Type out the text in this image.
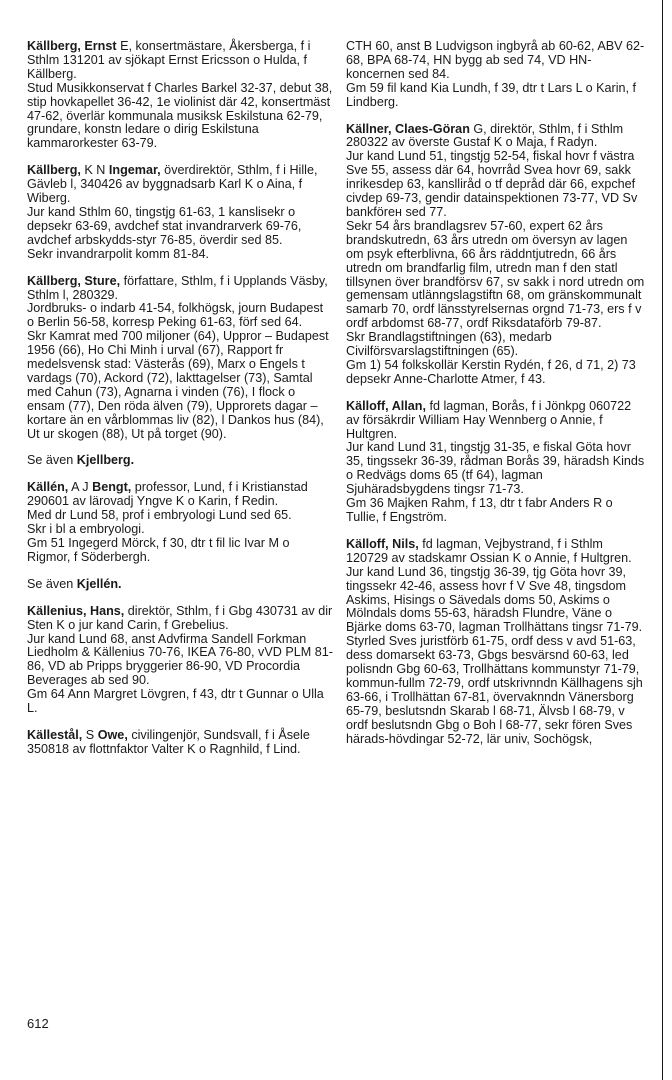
Källberg, Ernst E, konsertmästare, Åkersberga, f i Sthlm 131201 av sjökapt Ernst Ericsson o Hulda, f Källberg.

Stud Musikkonservat f Charles Barkel 32-37, debut 38, stip hovkapellet 36-42, 1e violinist där 42, konsertmäst 47-62, överlär kommunala musiksk Eskilstuna 62-79, grundare, konstn ledare o dirig Eskilstuna kammarorkester 63-79.

Källberg, K N Ingemar, överdirektör, Sthlm, f i Hille, Gävleb l, 340426 av byggnadsarb Karl K o Aina, f Wiberg.

Jur kand Sthlm 60, tingstjg 61-63, 1 kanslisekr o depsekr 63-69, avdchef stat invandrarverk 69-76, avdchef arbskydds-styr 76-85, överdir sed 85.

Sekr invandrarpolit komm 81-84.

Källberg, Sture, författare, Sthlm, f i Upplands Väsby, Sthlm l, 280329.

Jordbruks- o indarb 41-54, folkhögsk, journ Budapest o Berlin 56-58, korresp Peking 61-63, förf sed 64.

Skr Kamrat med 700 miljoner (64), Uppror – Budapest 1956 (66), Ho Chi Minh i urval (67), Rapport fr medelsvensk stad: Västerås (69), Marx o Engels t vardags (70), Ackord (72), lakttagelser (73), Samtal med Cahun (73), Agnarna i vinden (76), I flock o ensam (77), Den röda älven (79), Upprorets dagar – kortare än en vårblommas liv (82), l Dankos hus (84), Ut ur skogen (88), Ut på torget (90).

Se även Kjellberg.

Källén, A J Bengt, professor, Lund, f i Kristianstad 290601 av lärovadj Yngve K o Karin, f Redin.

Med dr Lund 58, prof i embryologi Lund sed 65.

Skr i bl a embryologi.

Gm 51 Ingegerd Mörck, f 30, dtr t fil lic Ivar M o Rigmor, f Söderbergh.

Se även Kjellén.

Källenius, Hans, direktör, Sthlm, f i Gbg 430731 av dir Sten K o jur kand Carin, f Grebelius.

Jur kand Lund 68, anst Advfirma Sandell Forkman Liedholm & Källenius 70-76, IKEA 76-80, vVD PLM 81-86, VD ab Pripps bryggerier 86-90, VD Procordia Beverages ab sed 90.

Gm 64 Ann Margret Lövgren, f 43, dtr t Gunnar o Ulla L.

Källestål, S Owe, civilingenjör, Sundsvall, f i Åsele 350818 av flottnfaktor Valter K o Ragnhild, f Lind.

CTH 60, anst B Ludvigson ingbyrå ab 60-62, ABV 62-68, BPA 68-74, HN bygg ab sed 74, VD HN-koncernen sed 84.

Gm 59 fil kand Kia Lundh, f 39, dtr t Lars L o Karin, f Lindberg.

Källner, Claes-Göran G, direktör, Sthlm, f i Sthlm 280322 av överste Gustaf K o Maja, f Radyn.

Jur kand Lund 51, tingstjg 52-54, fiskal hovr f västra Sve 55, assess där 64, hovrråd Svea hovr 69, sakk inrikesdep 63, kanslliråd o tf depråd där 66, expchef civdep 69-73, gendir datainspektionen 73-77, VD Sv bankförен sed 77.

Sekr 54 års brandlagsrev 57-60, expert 62 års brandskutredn, 63 års utredn om översyn av lagen om psyk efterblivna, 66 års räddntjutredn, 66 års utredn om brandfarlig film, utredn man f den statl tillsynen över brandförsv 67, sv sakk i nord utredn om gemensam utlänngslagstiftn 68, om gränskommunalt samarb 70, ordf länsstyrelsernas orgnd 71-73, ers f v ordf arbdomst 68-77, ordf Riksdataförb 79-87.

Skr Brandlagstiftningen (63), medarb Civilförsvarslagstiftningen (65).

Gm 1) 54 folkskollär Kerstin Rydén, f 26, d 71, 2) 73 depsekr Anne-Charlotte Atmer, f 43.

Källoff, Allan, fd lagman, Borås, f i Jönkpg 060722 av försäkrdir William Hay Wennberg o Annie, f Hultgren.

Jur kand Lund 31, tingstjg 31-35, e fiskal Göta hovr 35, tingssekr 36-39, rådman Borås 39, häradsh Kinds o Redvägs doms 65 (tf 64), lagman Sjuhäradsbygdens tingsr 71-73.

Gm 36 Majken Rahm, f 13, dtr t fabr Anders R o Tullie, f Engström.

Källoff, Nils, fd lagman, Vejbystrand, f i Sthlm 120729 av stadskamr Ossian K o Annie, f Hultgren.

Jur kand Lund 36, tingstjg 36-39, tjg Göta hovr 39, tingssekr 42-46, assess hovr f V Sve 48, tingsdom Askims, Hisings o Sävedals doms 50, Askims o Mölndals doms 55-63, häradsh Flundre, Väne o Bjärke doms 63-70, lagman Trollhättans tingsr 71-79.

Styrled Sves juristförb 61-75, ordf dess v avd 51-63, dess domarsekt 63-73, Gbgs besvärsnd 60-63, led polisndn Gbg 60-63, Trollhättans kommunstyr 71-79, kommun-fullm 72-79, ordf utskrivnndn Källhagens sjh 63-66, i Trollhättan 67-81, övervaknndn Vänersborg 65-79, beslutsndn Skarab l 68-71, Älvsb l 68-79, v ordf beslutsndn Gbg o Boh l 68-77, sekr fören Sves härads-hövdingar 52-72, lär univ, Sochögsk,

612
